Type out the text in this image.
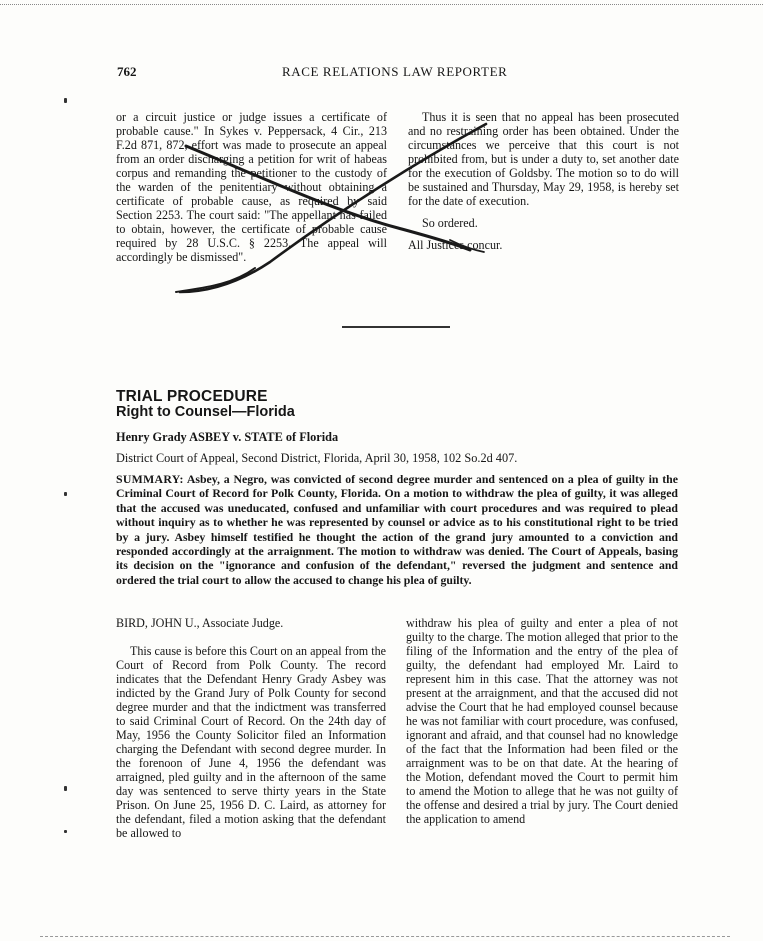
762	RACE RELATIONS LAW REPORTER

or a circuit justice or judge issues a certificate of probable cause." In Sykes v. Peppersack, 4 Cir., 213 F.2d 871, 872, effort was made to prosecute an appeal from an order discharging a petition for writ of habeas corpus and remanding the petitioner to the custody of the warden of the penitentiary without obtaining a certificate of probable cause, as required by said Section 2253. The court said: "The appellant has failed to obtain, however, the certificate of probable cause required by 28 U.S.C. § 2253. The appeal will accordingly be dismissed".

Thus it is seen that no appeal has been prosecuted and no restraining order has been obtained. Under the circumstances we perceive that this court is not prohibited from, but is under a duty to, set another date for the execution of Goldsby. The motion so to do will be sustained and Thursday, May 29, 1958, is hereby set for the date of execution.

So ordered.

All Justices concur.

TRIAL PROCEDURE
Right to Counsel—Florida
Henry Grady ASBEY v. STATE of Florida
District Court of Appeal, Second District, Florida, April 30, 1958, 102 So.2d 407.
SUMMARY: Asbey, a Negro, was convicted of second degree murder and sentenced on a plea of guilty in the Criminal Court of Record for Polk County, Florida. On a motion to withdraw the plea of guilty, it was alleged that the accused was uneducated, confused and unfamiliar with court procedures and was required to plead without inquiry as to whether he was represented by counsel or advice as to his constitutional right to be tried by a jury. Asbey himself testified he thought the action of the grand jury amounted to a conviction and responded accordingly at the arraignment. The motion to withdraw was denied. The Court of Appeals, basing its decision on the "ignorance and confusion of the defendant," reversed the judgment and sentence and ordered the trial court to allow the accused to change his plea of guilty.

BIRD, JOHN U., Associate Judge.

This cause is before this Court on an appeal from the Court of Record from Polk County. The record indicates that the Defendant Henry Grady Asbey was indicted by the Grand Jury of Polk County for second degree murder and that the indictment was transferred to said Criminal Court of Record. On the 24th day of May, 1956 the County Solicitor filed an Information charging the Defendant with second degree murder. In the forenoon of June 4, 1956 the defendant was arraigned, pled guilty and in the afternoon of the same day was sentenced to serve thirty years in the State Prison. On June 25, 1956 D. C. Laird, as attorney for the defendant, filed a motion asking that the defendant be allowed to

withdraw his plea of guilty and enter a plea of not guilty to the charge. The motion alleged that prior to the filing of the Information and the entry of the plea of guilty, the defendant had employed Mr. Laird to represent him in this case. That the attorney was not present at the arraignment, and that the accused did not advise the Court that he had employed counsel because he was not familiar with court procedure, was confused, ignorant and afraid, and that counsel had no knowledge of the fact that the Information had been filed or the arraignment was to be on that date. At the hearing of the Motion, defendant moved the Court to permit him to amend the Motion to allege that he was not guilty of the offense and desired a trial by jury. The Court denied the application to amend
